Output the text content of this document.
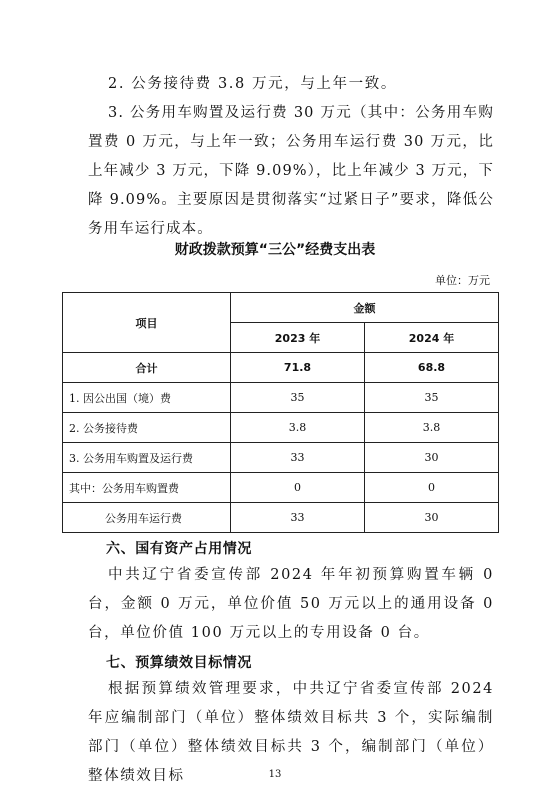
2. 公务接待费 3.8 万元，与上年一致。

3. 公务用车购置及运行费 30 万元（其中：公务用车购置费 0 万元，与上年一致；公务用车运行费 30 万元，比上年减少 3 万元，下降 9.09%），比上年减少 3 万元，下降 9.09%。主要原因是贯彻落实“过紧日子”要求，降低公务用车运行成本。

财政拨款预算“三公”经费支出表

单位：万元

项目	金额	
	2023 年	2024 年
合计	71.8	68.8
1. 因公出国（境）费	35	35
2. 公务接待费	3.8	3.8
3. 公务用车购置及运行费	33	30
其中：公务用车购置费	0	0
公务用车运行费	33	30

六、国有资产占用情况

中共辽宁省委宣传部 2024 年年初预算购置车辆 0 台，金额 0 万元，单位价值 50 万元以上的通用设备 0 台，单位价值 100 万元以上的专用设备 0 台。

七、预算绩效目标情况

根据预算绩效管理要求，中共辽宁省委宣传部 2024 年应编制部门（单位）整体绩效目标共 3 个，实际编制部门（单位）整体绩效目标共 3 个，编制部门（单位）整体绩效目标	13
